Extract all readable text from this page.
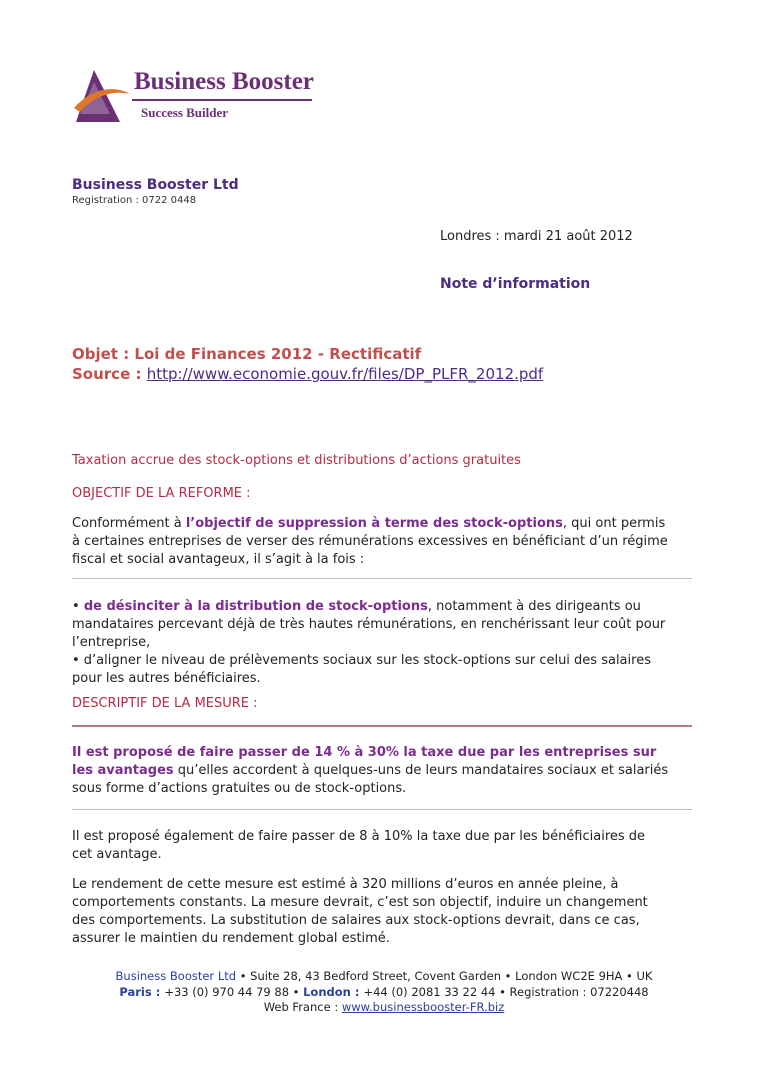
Business Booster
Success Builder
Business Booster Ltd
Registration : 0722 0448
Londres : mardi 21 août 2012
Note d’information
Objet : Loi de Finances 2012 - Rectificatif
Source : http://www.economie.gouv.fr/files/DP_PLFR_2012.pdf
Taxation accrue des stock-options et distributions d’actions gratuites
OBJECTIF DE LA REFORME :
Conformément à l’objectif de suppression à terme des stock-options, qui ont permis
à certaines entreprises de verser des rémunérations excessives en bénéficiant d’un régime
fiscal et social avantageux, il s’agit à la fois :
• de désinciter à la distribution de stock-options, notamment à des dirigeants ou
mandataires percevant déjà de très hautes rémunérations, en renchérissant leur coût pour
l’entreprise,
• d’aligner le niveau de prélèvements sociaux sur les stock-options sur celui des salaires
pour les autres bénéficiaires.
DESCRIPTIF DE LA MESURE :
Il est proposé de faire passer de 14 % à 30% la taxe due par les entreprises sur
les avantages qu’elles accordent à quelques-uns de leurs mandataires sociaux et salariés
sous forme d’actions gratuites ou de stock-options.
Il est proposé également de faire passer de 8 à 10% la taxe due par les bénéficiaires de
cet avantage.
Le rendement de cette mesure est estimé à 320 millions d’euros en année pleine, à
comportements constants. La mesure devrait, c’est son objectif, induire un changement
des comportements. La substitution de salaires aux stock-options devrait, dans ce cas,
assurer le maintien du rendement global estimé.
Business Booster Ltd • Suite 28, 43 Bedford Street, Covent Garden • London WC2E 9HA • UK
Paris : +33 (0) 970 44 79 88 • London : +44 (0) 2081 33 22 44 • Registration : 07220448
Web France : www.businessbooster-FR.biz
